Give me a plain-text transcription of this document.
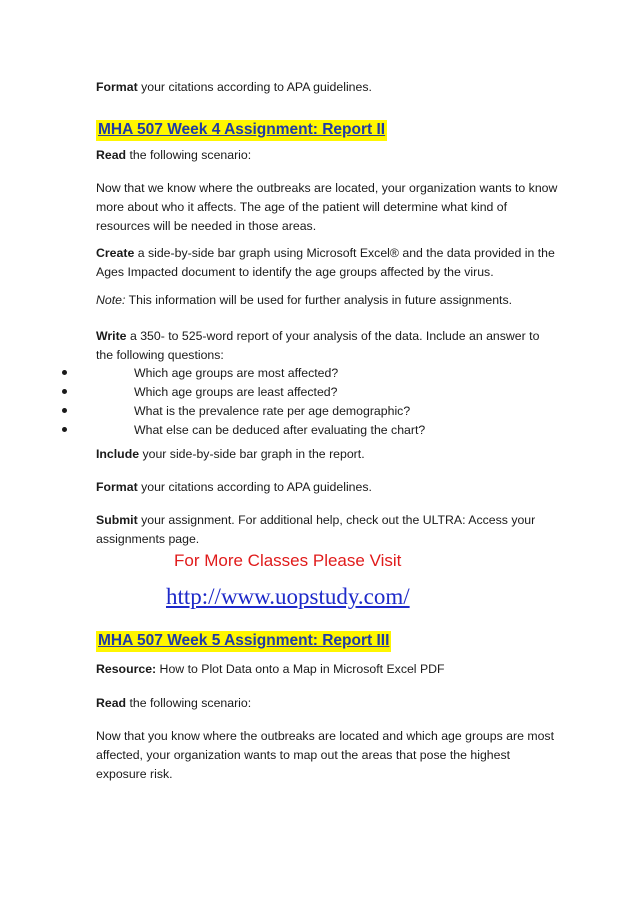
Format your citations according to APA guidelines.

MHA 507 Week 4 Assignment: Report II

Read the following scenario:

Now that we know where the outbreaks are located, your organization wants to know more about who it affects. The age of the patient will determine what kind of resources will be needed in those areas.

Create a side-by-side bar graph using Microsoft Excel® and the data provided in the Ages Impacted document to identify the age groups affected by the virus.

Note: This information will be used for further analysis in future assignments.

Write a 350- to 525-word report of your analysis of the data. Include an answer to the following questions:

Which age groups are most affected?
Which age groups are least affected?
What is the prevalence rate per age demographic?
What else can be deduced after evaluating the chart?

Include your side-by-side bar graph in the report.

Format your citations according to APA guidelines.

Submit your assignment. For additional help, check out the ULTRA: Access your assignments page.

For More Classes Please Visit

http://www.uopstudy.com/

MHA 507 Week 5 Assignment: Report III

Resource: How to Plot Data onto a Map in Microsoft Excel PDF

Read the following scenario:

Now that you know where the outbreaks are located and which age groups are most affected, your organization wants to map out the areas that pose the highest exposure risk.
